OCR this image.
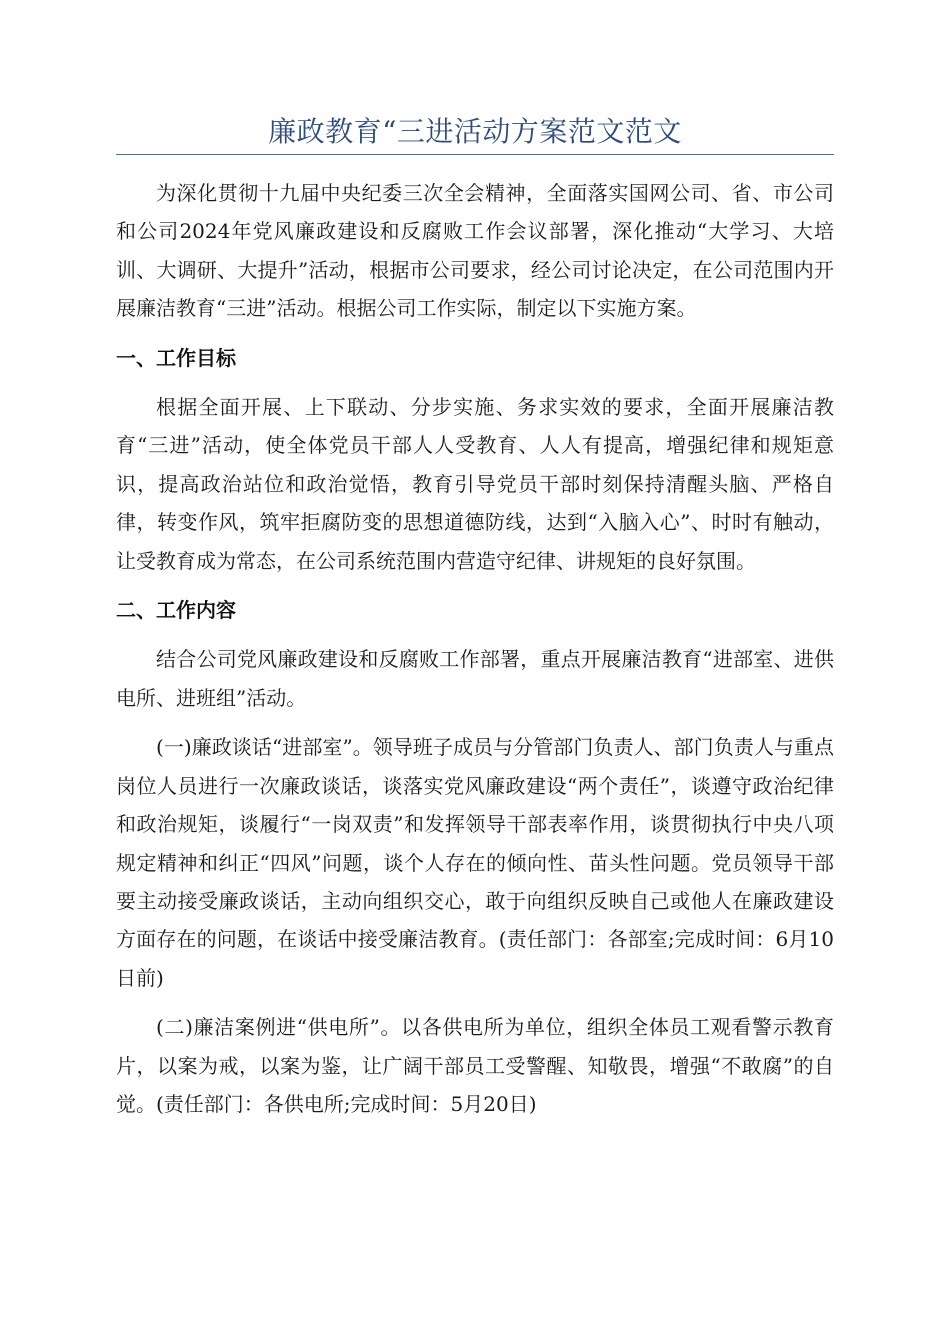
廉政教育“三进活动方案范文范文

为深化贯彻十九届中央纪委三次全会精神，全面落实国网公司、省、市公司和公司2024年党风廉政建设和反腐败工作会议部署，深化推动“大学习、大培训、大调研、大提升”活动，根据市公司要求，经公司讨论决定，在公司范围内开展廉洁教育“三进”活动。根据公司工作实际，制定以下实施方案。

一、工作目标

根据全面开展、上下联动、分步实施、务求实效的要求，全面开展廉洁教育“三进”活动，使全体党员干部人人受教育、人人有提高，增强纪律和规矩意识，提高政治站位和政治觉悟，教育引导党员干部时刻保持清醒头脑、严格自律，转变作风，筑牢拒腐防变的思想道德防线，达到“入脑入心”、时时有触动，让受教育成为常态，在公司系统范围内营造守纪律、讲规矩的良好氛围。

二、工作内容

结合公司党风廉政建设和反腐败工作部署，重点开展廉洁教育“进部室、进供电所、进班组”活动。

(一)廉政谈话“进部室”。领导班子成员与分管部门负责人、部门负责人与重点岗位人员进行一次廉政谈话，谈落实党风廉政建设“两个责任”，谈遵守政治纪律和政治规矩，谈履行“一岗双责”和发挥领导干部表率作用，谈贯彻执行中央八项规定精神和纠正“四风”问题，谈个人存在的倾向性、苗头性问题。党员领导干部要主动接受廉政谈话，主动向组织交心，敢于向组织反映自己或他人在廉政建设方面存在的问题，在谈话中接受廉洁教育。(责任部门：各部室;完成时间：6月10日前)

(二)廉洁案例进“供电所”。以各供电所为单位，组织全体员工观看警示教育片，以案为戒，以案为鉴，让广阔干部员工受警醒、知敬畏，增强“不敢腐”的自觉。(责任部门：各供电所;完成时间：5月20日)
